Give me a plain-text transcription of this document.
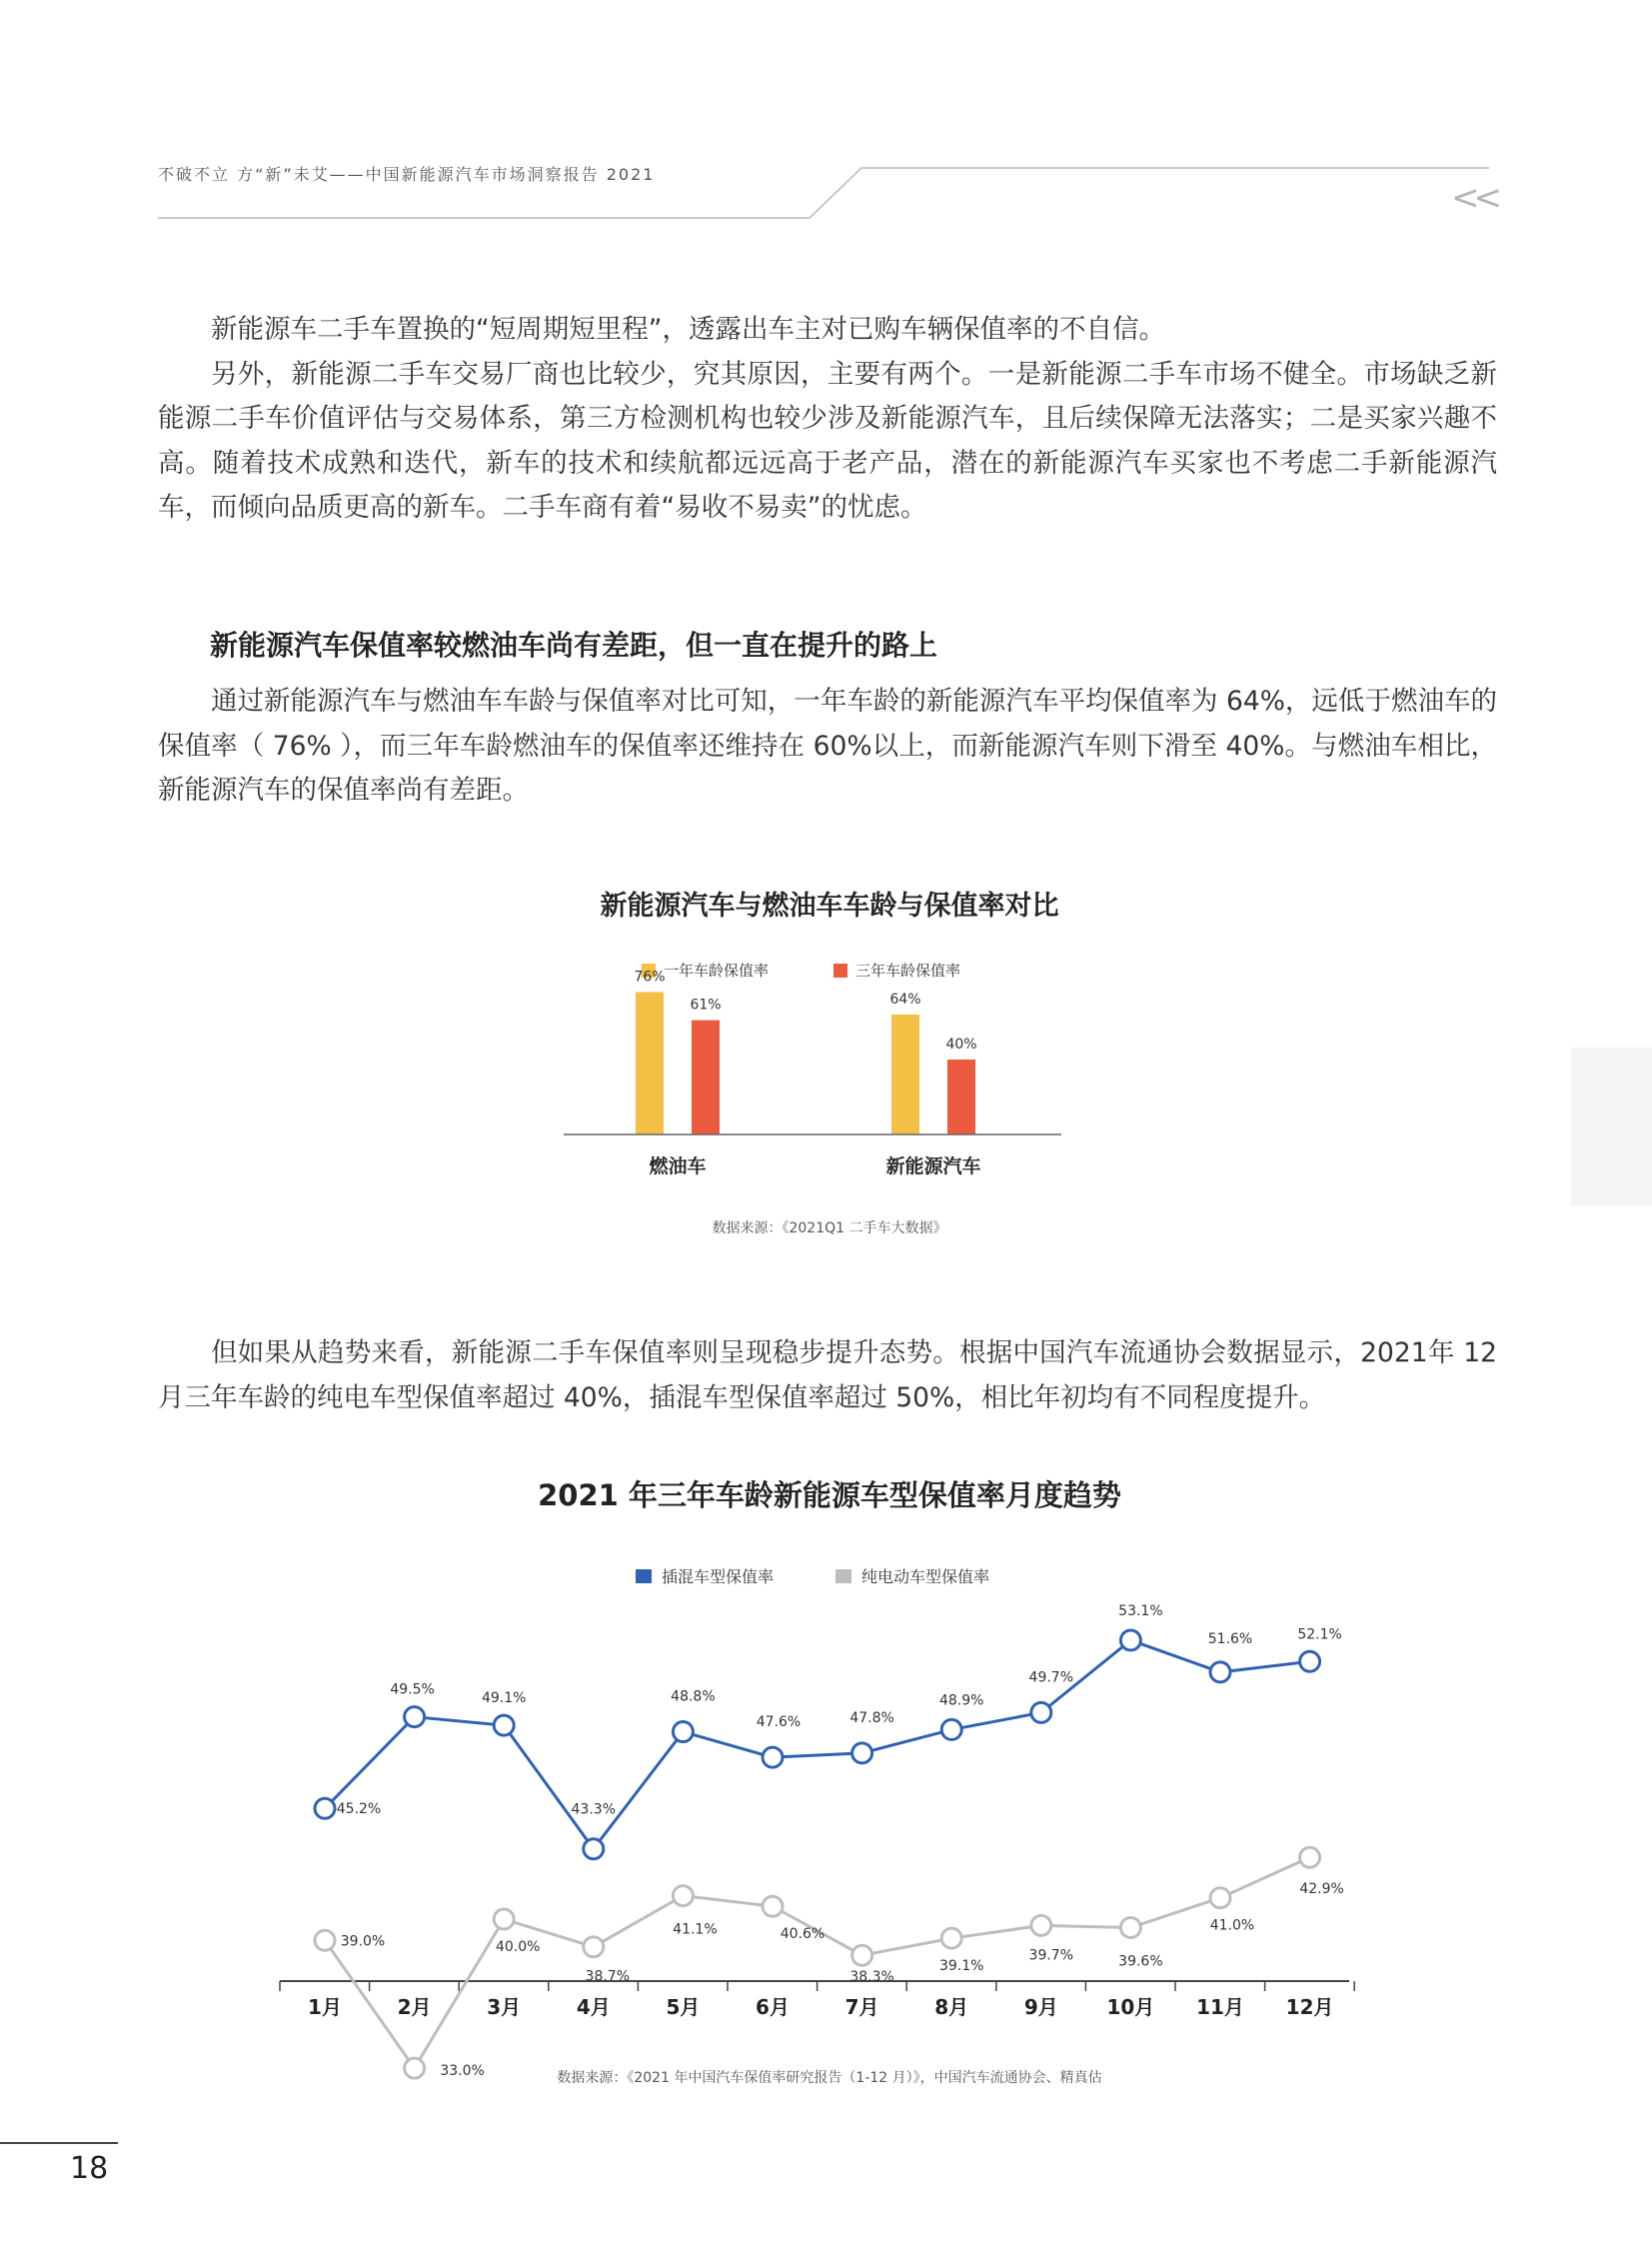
不破不立 方“新”未艾——中国新能源汽车市场洞察报告 2021
<<

新能源车二手车置换的“短周期短里程”，透露出车主对已购车辆保值率的不自信。

另外，新能源二手车交易厂商也比较少，究其原因，主要有两个。一是新能源二手车市场不健全。市场缺乏新能源二手车价值评估与交易体系，第三方检测机构也较少涉及新能源汽车，且后续保障无法落实；二是买家兴趣不高。随着技术成熟和迭代，新车的技术和续航都远远高于老产品，潜在的新能源汽车买家也不考虑二手新能源汽车，而倾向品质更高的新车。二手车商有着“易收不易卖”的忧虑。

新能源汽车保值率较燃油车尚有差距，但一直在提升的路上

通过新能源汽车与燃油车车龄与保值率对比可知，一年车龄的新能源汽车平均保值率为 64%，远低于燃油车的保值率（ 76% ），而三年车龄燃油车的保值率还维持在 60%以上，而新能源汽车则下滑至 40%。与燃油车相比，新能源汽车的保值率尚有差距。

新能源汽车与燃油车车龄与保值率对比
一年车龄保值率	三年车龄保值率
76%
61%
燃油车
64%
40%
新能源汽车
数据来源：《2021Q1 二手车大数据》

但如果从趋势来看，新能源二手车保值率则呈现稳步提升态势。根据中国汽车流通协会数据显示，2021年 12月三年车龄的纯电车型保值率超过 40%，插混车型保值率超过 50%，相比年初均有不同程度提升。

2021 年三年车龄新能源车型保值率月度趋势
插混车型保值率	纯电动车型保值率
1月	2月	3月	4月	5月	6月	7月	8月	9月 10月 11月 12月
45.2%
49.5%
49.1%
43.3%
48.8%
47.6%	47.8%
48.9%
49.7%
53.1%
51.6%	52.1%
39.0%
33.0%
40.0%
38.7%
41.1%	40.6%
38.3%
39.1%
39.7%	39.6%
41.0%
42.9%
数据来源：《2021 年中国汽车保值率研究报告（1-12 月）》，中国汽车流通协会、精真估
18
